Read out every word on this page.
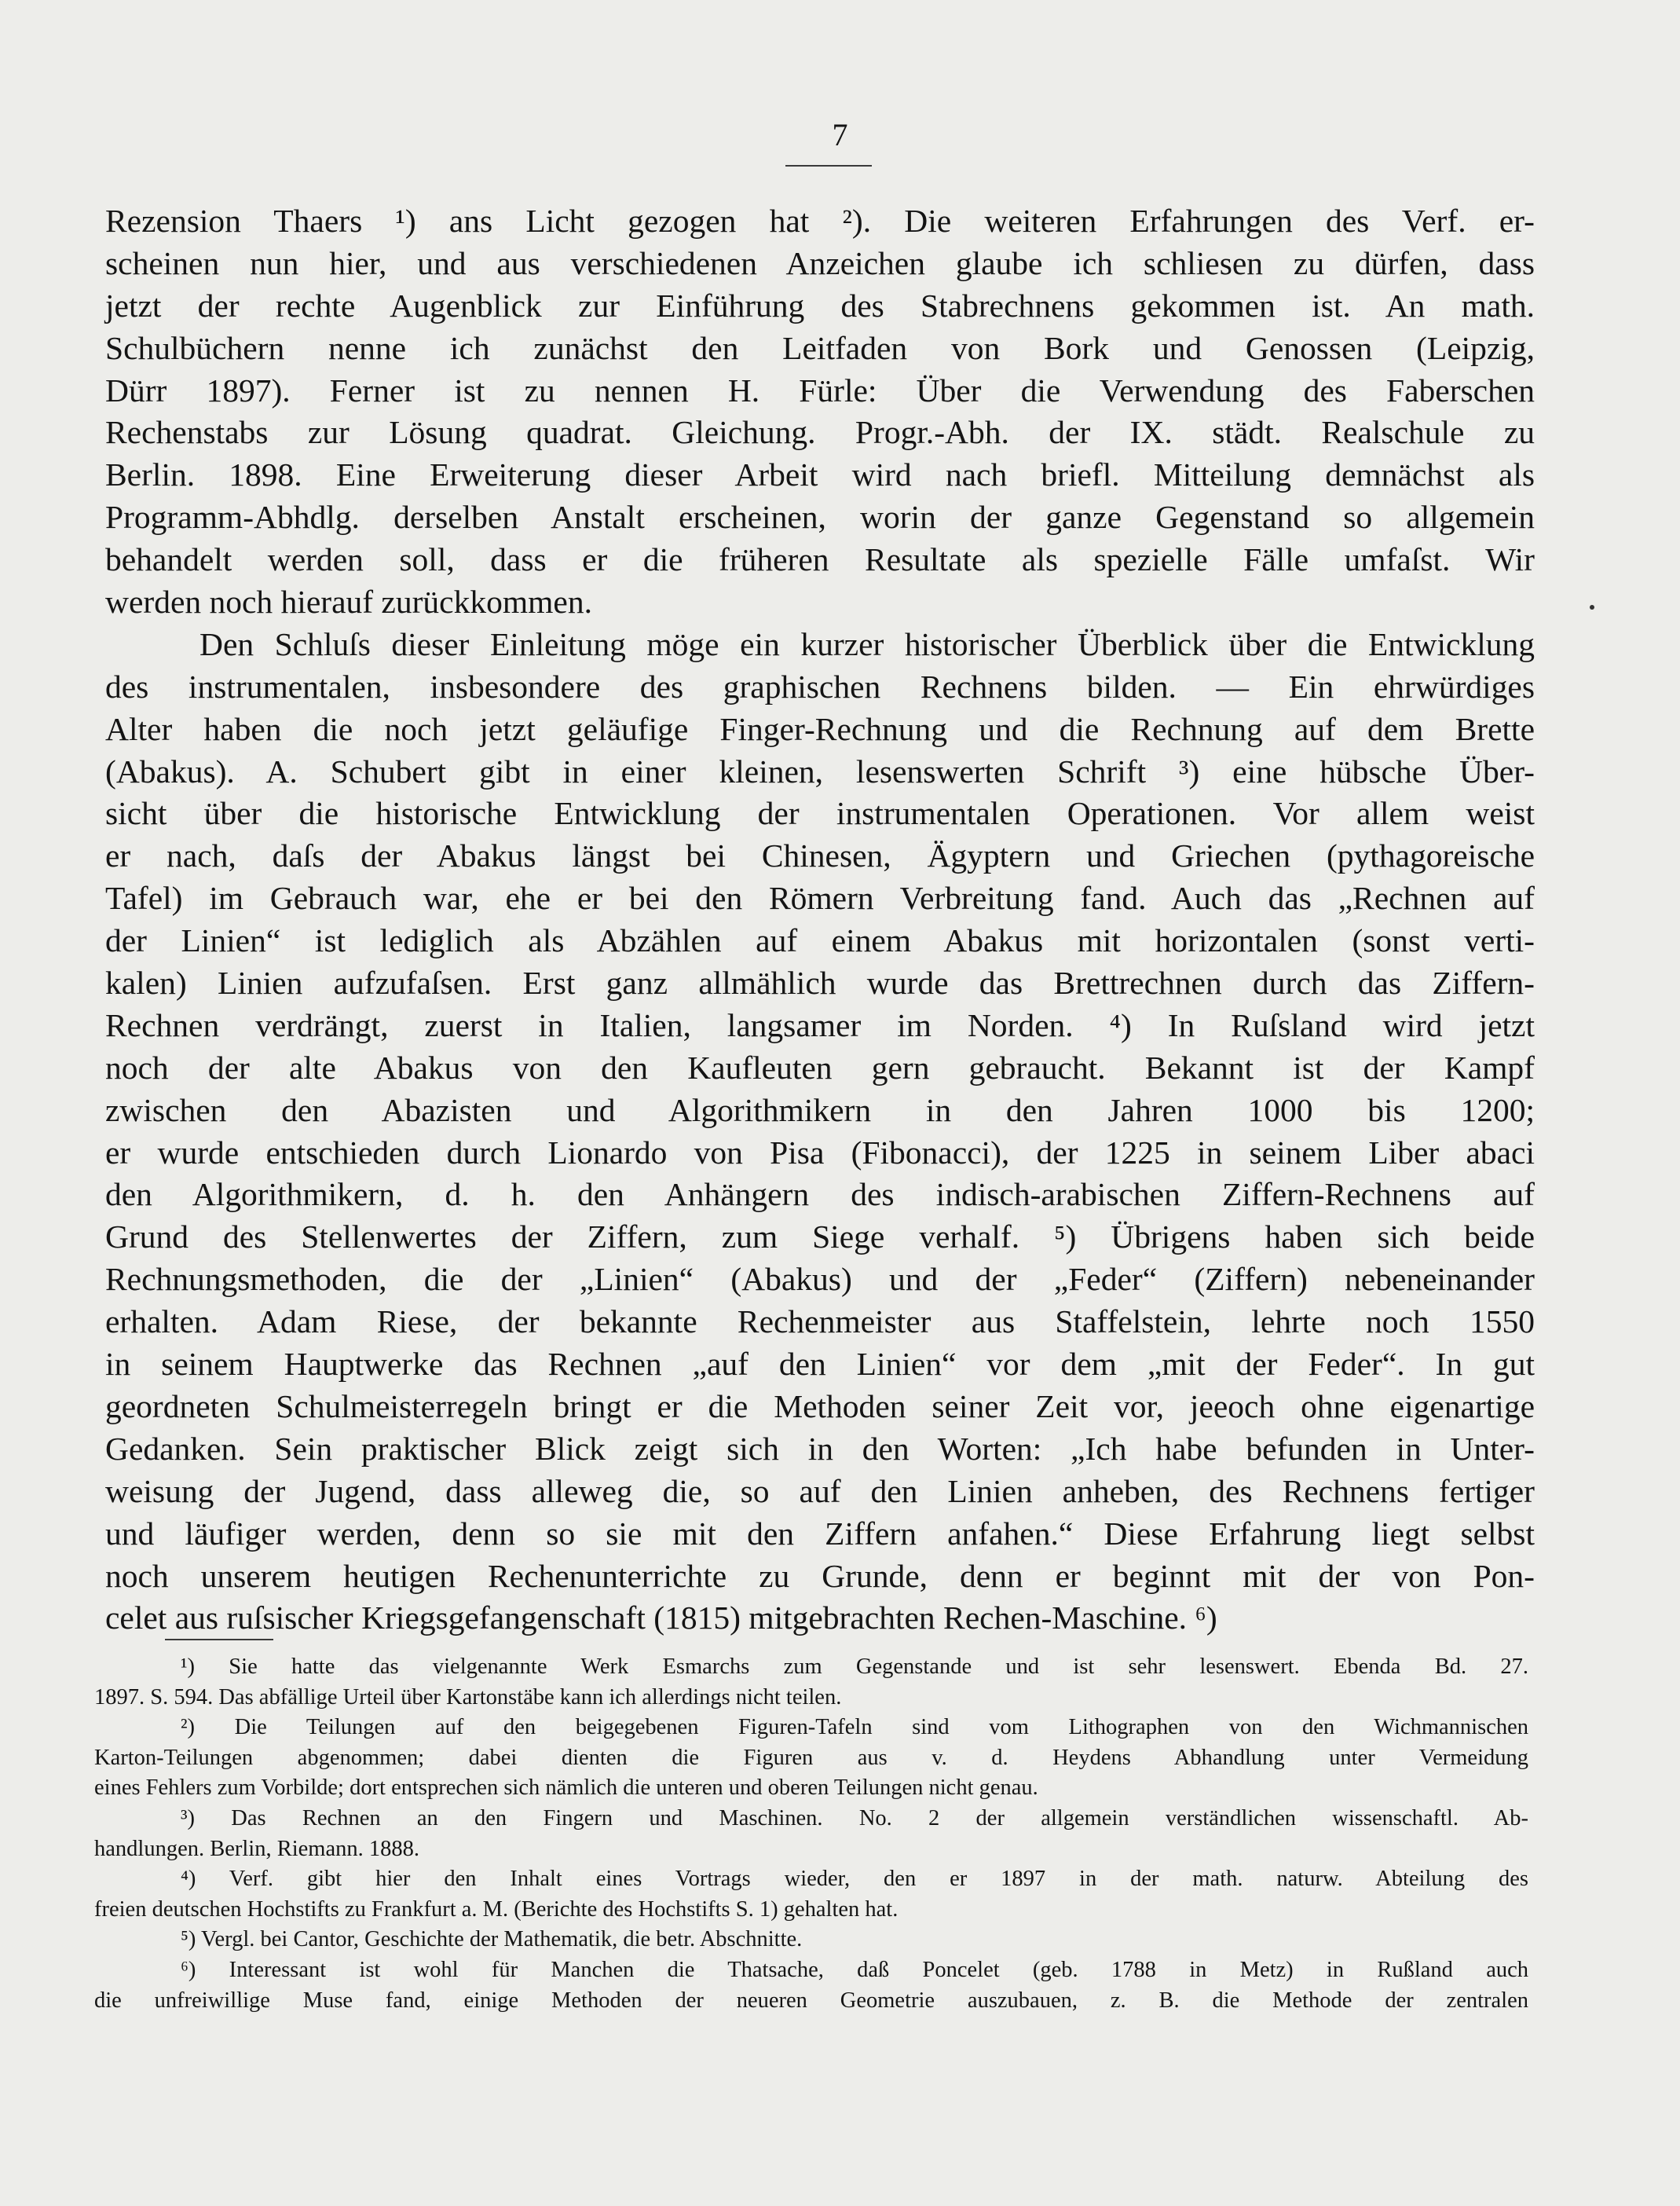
7
Rezension Thaers ¹) ans Licht gezogen hat ²). Die weiteren Erfahrungen des Verf. er-
scheinen nun hier, und aus verschiedenen Anzeichen glaube ich schliesen zu dürfen, dass
jetzt der rechte Augenblick zur Einführung des Stabrechnens gekommen ist. An math.
Schulbüchern nenne ich zunächst den Leitfaden von Bork und Genossen (Leipzig,
Dürr 1897). Ferner ist zu nennen H. Fürle: Über die Verwendung des Faberschen
Rechenstabs zur Lösung quadrat. Gleichung. Progr.-Abh. der IX. städt. Realschule zu
Berlin. 1898. Eine Erweiterung dieser Arbeit wird nach briefl. Mitteilung demnächst als
Programm-Abhdlg. derselben Anstalt erscheinen, worin der ganze Gegenstand so allgemein
behandelt werden soll, dass er die früheren Resultate als spezielle Fälle umfaſst. Wir
werden noch hierauf zurückkommen.
Den Schluſs dieser Einleitung möge ein kurzer historischer Überblick über die Entwicklung
des instrumentalen, insbesondere des graphischen Rechnens bilden. — Ein ehrwürdiges
Alter haben die noch jetzt geläufige Finger-Rechnung und die Rechnung auf dem Brette
(Abakus). A. Schubert gibt in einer kleinen, lesenswerten Schrift ³) eine hübsche Über-
sicht über die historische Entwicklung der instrumentalen Operationen. Vor allem weist
er nach, daſs der Abakus längst bei Chinesen, Ägyptern und Griechen (pythagoreische
Tafel) im Gebrauch war, ehe er bei den Römern Verbreitung fand. Auch das „Rechnen auf
der Linien“ ist lediglich als Abzählen auf einem Abakus mit horizontalen (sonst verti-
kalen) Linien aufzufaſsen. Erst ganz allmählich wurde das Brettrechnen durch das Ziffern-
Rechnen verdrängt, zuerst in Italien, langsamer im Norden. ⁴) In Ruſsland wird jetzt
noch der alte Abakus von den Kaufleuten gern gebraucht. Bekannt ist der Kampf
zwischen den Abazisten und Algorithmikern in den Jahren 1000 bis 1200;
er wurde entschieden durch Lionardo von Pisa (Fibonacci), der 1225 in seinem Liber abaci
den Algorithmikern, d. h. den Anhängern des indisch-arabischen Ziffern-Rechnens auf
Grund des Stellenwertes der Ziffern, zum Siege verhalf. ⁵) Übrigens haben sich beide
Rechnungsmethoden, die der „Linien“ (Abakus) und der „Feder“ (Ziffern) nebeneinander
erhalten. Adam Riese, der bekannte Rechenmeister aus Staffelstein, lehrte noch 1550
in seinem Hauptwerke das Rechnen „auf den Linien“ vor dem „mit der Feder“. In gut
geordneten Schulmeisterregeln bringt er die Methoden seiner Zeit vor, jeeoch ohne eigenartige
Gedanken. Sein praktischer Blick zeigt sich in den Worten: „Ich habe befunden in Unter-
weisung der Jugend, dass alleweg die, so auf den Linien anheben, des Rechnens fertiger
und läufiger werden, denn so sie mit den Ziffern anfahen.“ Diese Erfahrung liegt selbst
noch unserem heutigen Rechenunterrichte zu Grunde, denn er beginnt mit der von Pon-
celet aus ruſsischer Kriegsgefangenschaft (1815) mitgebrachten Rechen-Maschine. ⁶)
¹) Sie hatte das vielgenannte Werk Esmarchs zum Gegenstande und ist sehr lesenswert. Ebenda Bd. 27.
1897. S. 594. Das abfällige Urteil über Kartonstäbe kann ich allerdings nicht teilen.
²) Die Teilungen auf den beigegebenen Figuren-Tafeln sind vom Lithographen von den Wichmannischen
Karton-Teilungen abgenommen; dabei dienten die Figuren aus v. d. Heydens Abhandlung unter Vermeidung
eines Fehlers zum Vorbilde; dort entsprechen sich nämlich die unteren und oberen Teilungen nicht genau.
³) Das Rechnen an den Fingern und Maschinen. No. 2 der allgemein verständlichen wissenschaftl. Ab-
handlungen. Berlin, Riemann. 1888.
⁴) Verf. gibt hier den Inhalt eines Vortrags wieder, den er 1897 in der math. naturw. Abteilung des
freien deutschen Hochstifts zu Frankfurt a. M. (Berichte des Hochstifts S. 1) gehalten hat.
⁵) Vergl. bei Cantor, Geschichte der Mathematik, die betr. Abschnitte.
⁶) Interessant ist wohl für Manchen die Thatsache, daß Poncelet (geb. 1788 in Metz) in Rußland auch
die unfreiwillige Muse fand, einige Methoden der neueren Geometrie auszubauen, z. B. die Methode der zentralen
